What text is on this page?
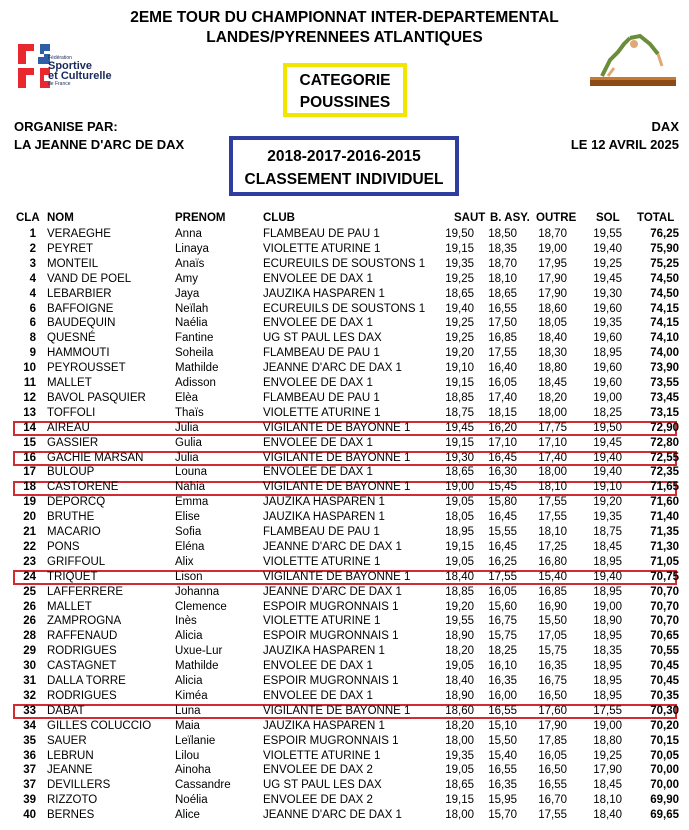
2EME TOUR DU CHAMPIONNAT INTER-DEPARTEMENTAL
LANDES/PYRENNEES ATLANTIQUES
Fédération
Sportive
et Culturelle
de France	CATEGORIE
POUSSINES
ORGANISE PAR:
LA JEANNE D'ARC DE DAX
DAX
LE 12 AVRIL 2025
2018-2017-2016-2015
CLASSEMENT INDIVIDUEL
CLA NOM	PRENOM	CLUB	SAUT B. ASY. OUTRE SOL TOTAL
1 VERAEGHE	Anna	FLAMBEAU DE PAU 1	19,50 18,50 18,70 19,55	76,25
2 PEYRET	Linaya	VIOLETTE ATURINE 1	19,15 18,35 19,00 19,40	75,90
3 MONTEIL	Anaïs	ECUREUILS DE SOUSTONS 1 19,35 18,70 17,95 19,25	75,25
4 VAND DE POEL	Amy	ENVOLEE DE DAX 1	19,25 18,10 17,90 19,45	74,50
4 LEBARBIER	Jaya	JAUZIKA HASPAREN 1	18,65 18,65 17,90 19,30	74,50
6 BAFFOIGNE	Neïlah	ECUREUILS DE SOUSTONS 1 19,40 16,55 18,60 19,60	74,15
6 BAUDEQUIN	Naélia	ENVOLEE DE DAX 1	19,25 17,50 18,05 19,35	74,15
8 QUESNÉ	Fantine	UG ST PAUL LES DAX	19,25 16,85 18,40 19,60	74,10
9 HAMMOUTI	Soheila	FLAMBEAU DE PAU 1	19,20 17,55 18,30 18,95	74,00
10 PEYROUSSET	Mathilde	JEANNE D'ARC DE DAX 1	19,10 16,40 18,80 19,60	73,90
11 MALLET	Adisson	ENVOLEE DE DAX 1	19,15 16,05 18,45 19,60	73,55
12 BAVOL PASQUIER	Elèa	FLAMBEAU DE PAU 1	18,85 17,40 18,20 19,00	73,45
13 TOFFOLI	Thaïs	VIOLETTE ATURINE 1	18,75 18,15 18,00 18,25	73,15
14 AIREAU	Julia	VIGILANTE DE BAYONNE 1	19,45 16,20 17,75 19,50	72,90
15 GASSIER	Gulia	ENVOLEE DE DAX 1	19,15 17,10 17,10 19,45	72,80
16 GACHIE MARSAN	Julia	VIGILANTE DE BAYONNE 1	19,30 16,45 17,40 19,40	72,55
17 BULOUP	Louna	ENVOLEE DE DAX 1	18,65 16,30 18,00 19,40	72,35
18 CASTORENE	Nahia	VIGILANTE DE BAYONNE 1	19,00 15,45 18,10 19,10	71,65
19 DEPORCQ	Emma	JAUZIKA HASPAREN 1	19,05 15,80 17,55 19,20	71,60
20 BRUTHE	Elise	JAUZIKA HASPAREN 1	18,05 16,45 17,55 19,35	71,40
21 MACARIO	Sofia	FLAMBEAU DE PAU 1	18,95 15,55 18,10 18,75	71,35
22 PONS	Eléna	JEANNE D'ARC DE DAX 1	19,15 16,45 17,25 18,45	71,30
23 GRIFFOUL	Alix	VIOLETTE ATURINE 1	19,05 16,25 16,80 18,95	71,05
24 TRIQUET	Lison	VIGILANTE DE BAYONNE 1	18,40 17,55 15,40 19,40	70,75
25 LAFFERRERE	Johanna	JEANNE D'ARC DE DAX 1	18,85 16,05 16,85 18,95	70,70
26 MALLET	Clemence	ESPOIR MUGRONNAIS 1	19,20 15,60 16,90 19,00	70,70
26 ZAMPROGNA	Inès	VIOLETTE ATURINE 1	19,55 16,75 15,50 18,90	70,70
28 RAFFENAUD	Alicia	ESPOIR MUGRONNAIS 1	18,90 15,75 17,05 18,95	70,65
29 RODRIGUES	Uxue-Lur	JAUZIKA HASPAREN 1	18,20 18,25 15,75 18,35	70,55
30 CASTAGNET	Mathilde	ENVOLEE DE DAX 1	19,05 16,10 16,35 18,95	70,45
31 DALLA TORRE	Alicia	ESPOIR MUGRONNAIS 1	18,40 16,35 16,75 18,95	70,45
32 RODRIGUES	Kiméa	ENVOLEE DE DAX 1	18,90 16,00 16,50 18,95	70,35
33 DABAT	Luna	VIGILANTE DE BAYONNE 1	18,60 16,55 17,60 17,55	70,30
34 GILLES COLUCCIO Maia	JAUZIKA HASPAREN 1	18,20 15,10 17,90 19,00	70,20
35 SAUER	Leïlanie	ESPOIR MUGRONNAIS 1	18,00 15,50 17,85 18,80	70,15
36 LEBRUN	Lilou	VIOLETTE ATURINE 1	19,35 15,40 16,05 19,25	70,05
37 JEANNE	Ainoha	ENVOLEE DE DAX 2	19,05 16,55 16,50 17,90	70,00
37 DEVILLERS	Cassandre	UG ST PAUL LES DAX	18,65 16,35 16,55 18,45	70,00
39 RIZZOTO	Noélia	ENVOLEE DE DAX 2	19,15 15,95 16,70 18,10	69,90
40 BERNES	Alice	JEANNE D'ARC DE DAX 1	18,00 15,70 17,55 18,40	69,65
